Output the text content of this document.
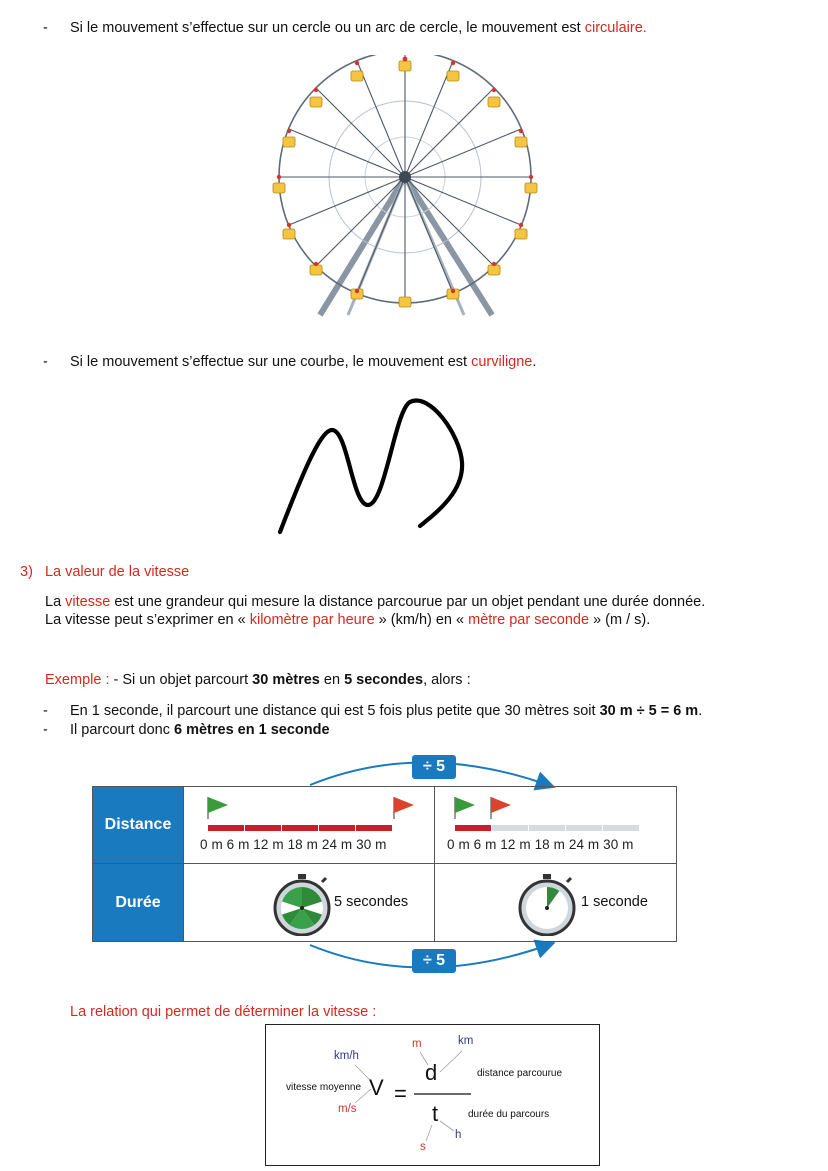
- Si le mouvement s’effectue sur un cercle ou un arc de cercle, le mouvement est circulaire.
- Si le mouvement s’effectue sur une courbe, le mouvement est curviligne.
3) La valeur de la vitesse
La vitesse est une grandeur qui mesure la distance parcourue par un objet pendant une durée donnée.
La vitesse peut s’exprimer en « kilomètre par heure » (km/h) en « mètre par seconde » (m / s).
Exemple : - Si un objet parcourt 30 mètres en 5 secondes, alors :
- En 1 seconde, il parcourt une distance qui est 5 fois plus petite que 30 mètres soit 30 m ÷ 5 = 6 m.
- Il parcourt donc 6 mètres en 1 seconde
÷ 5
Distance	0 m 6 m 12 m 18 m 24 m 30 m	0 m 6 m 12 m 18 m 24 m 30 m

Durée	5 secondes	1 seconde
÷ 5
La relation qui permet de déterminer la vitesse :
km/h
vitesse moyenne V =
m/s
m	km
d	distance parcourue
t	durée du parcours
s
h
